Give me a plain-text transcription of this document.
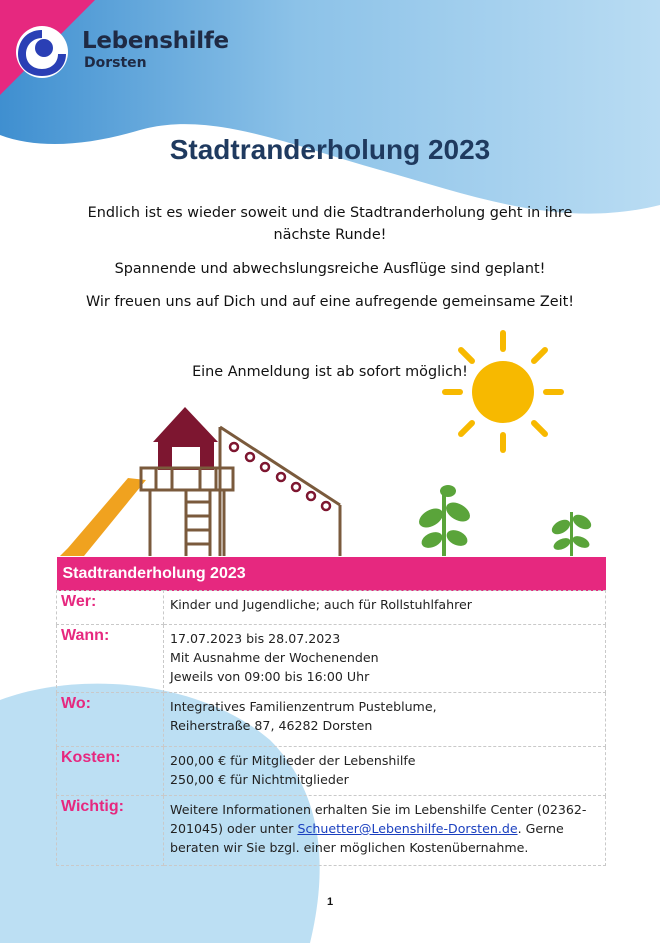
Lebenshilfe
Dorsten
Stadtranderholung 2023
Endlich ist es wieder soweit und die Stadtranderholung geht in ihre nächste Runde!
Spannende und abwechslungsreiche Ausflüge sind geplant!
Wir freuen uns auf Dich und auf eine aufregende gemeinsame Zeit!
Eine Anmeldung ist ab sofort möglich!
Stadtranderholung 2023	
Wer:	Kinder und Jugendliche; auch für Rollstuhlfahrer

Wann:	17.07.2023 bis 28.07.2023
Mit Ausnahme der Wochenenden
Jeweils von 09:00 bis 16:00 Uhr

Wo:	Integratives Familienzentrum Pusteblume,
Reiherstraße 87, 46282 Dorsten

Kosten:	200,00 € für Mitglieder der Lebenshilfe
250,00 € für Nichtmitglieder

Wichtig:	Weitere Informationen erhalten Sie im Lebenshilfe Center (02362-201045) oder unter Schuetter@Lebenshilfe-Dorsten.de. Gerne beraten wir Sie bzgl. einer möglichen Kostenübernahme.
1
